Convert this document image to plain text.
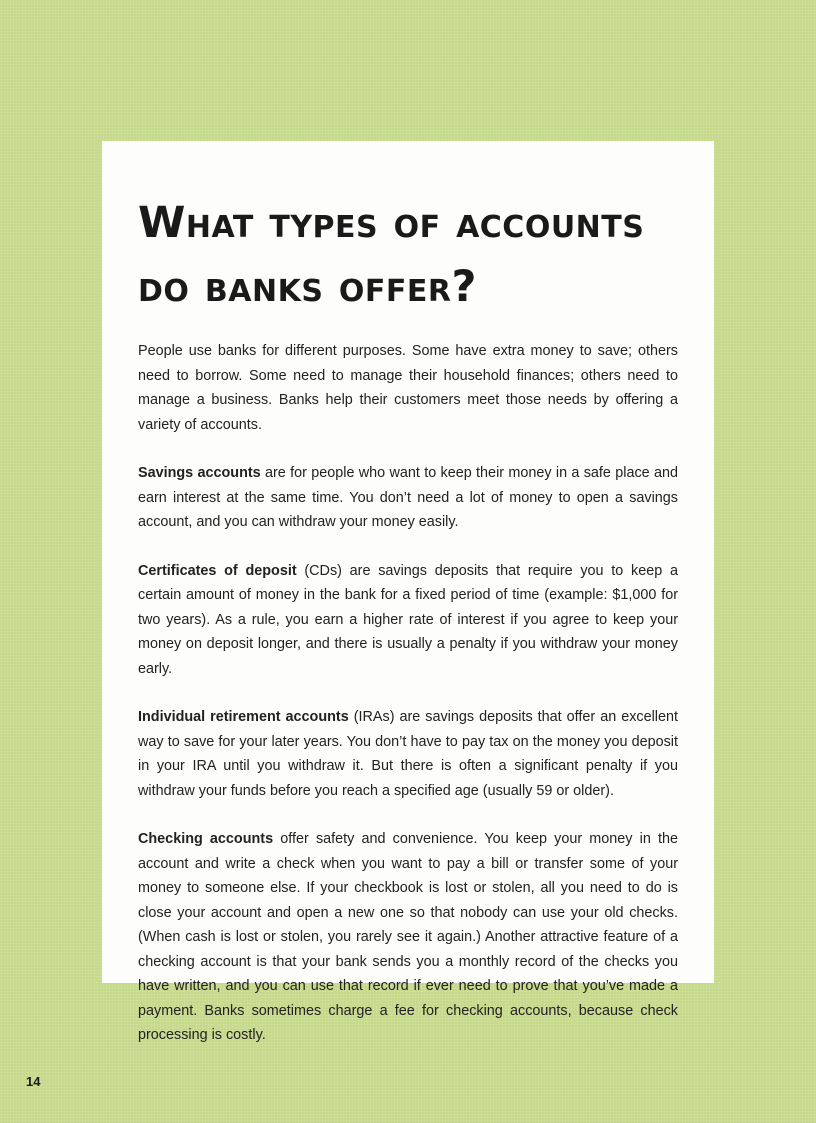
What types of accounts do banks offer?

People use banks for different purposes. Some have extra money to save; others need to borrow. Some need to manage their household finances; others need to manage a business. Banks help their customers meet those needs by offering a variety of accounts.

Savings accounts are for people who want to keep their money in a safe place and earn interest at the same time. You don’t need a lot of money to open a savings account, and you can withdraw your money easily.

Certificates of deposit (CDs) are savings deposits that require you to keep a certain amount of money in the bank for a fixed period of time (example: $1,000 for two years). As a rule, you earn a higher rate of interest if you agree to keep your money on deposit longer, and there is usually a penalty if you withdraw your money early.

Individual retirement accounts (IRAs) are savings deposits that offer an excellent way to save for your later years. You don’t have to pay tax on the money you deposit in your IRA until you withdraw it. But there is often a significant penalty if you withdraw your funds before you reach a specified age (usually 59 or older).

Checking accounts offer safety and convenience. You keep your money in the account and write a check when you want to pay a bill or transfer some of your money to someone else. If your checkbook is lost or stolen, all you need to do is close your account and open a new one so that nobody can use your old checks. (When cash is lost or stolen, you rarely see it again.) Another attractive feature of a checking account is that your bank sends you a monthly record of the checks you have written, and you can use that record if ever need to prove that you’ve made a payment. Banks sometimes charge a fee for checking accounts, because check processing is costly.

14
